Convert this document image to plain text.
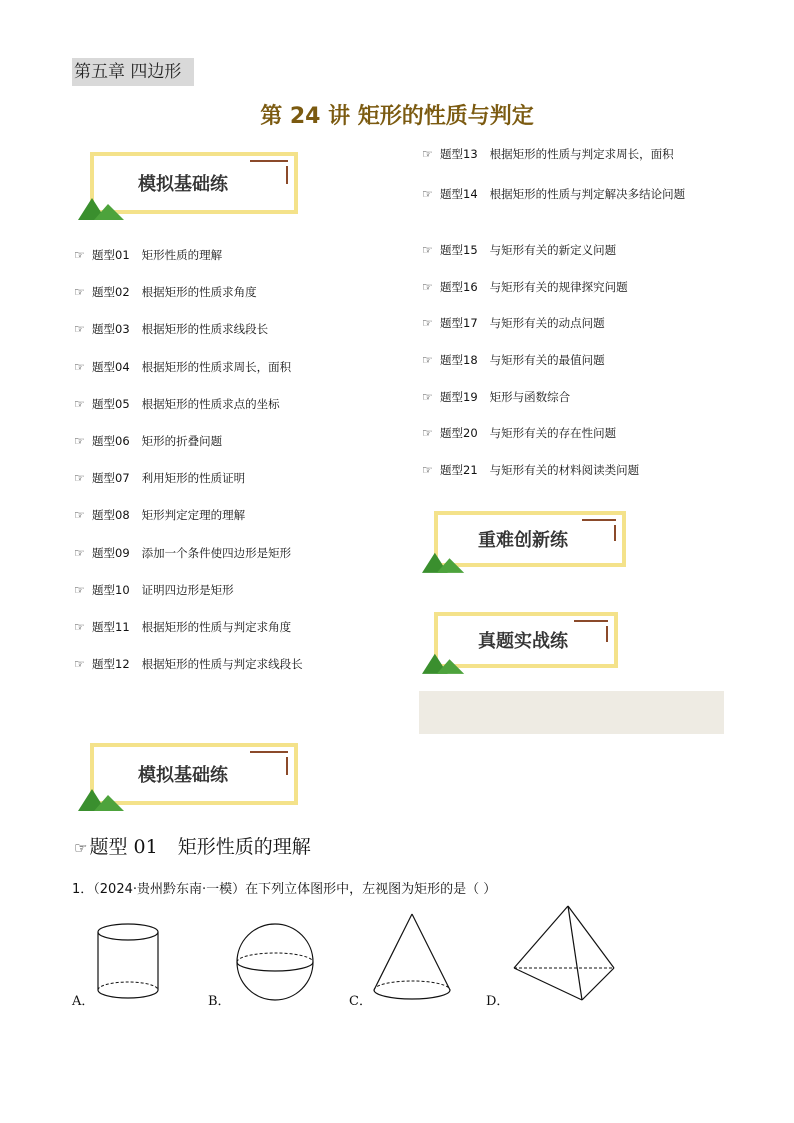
第五章 四边形
第 24 讲 矩形的性质与判定
模拟基础练
☞ 题型01 矩形性质的理解
☞ 题型02 根据矩形的性质求角度
☞ 题型03 根据矩形的性质求线段长
☞ 题型04 根据矩形的性质求周长，面积
☞ 题型05 根据矩形的性质求点的坐标
☞ 题型06 矩形的折叠问题
☞ 题型07 利用矩形的性质证明
☞ 题型08 矩形判定定理的理解
☞ 题型09 添加一个条件使四边形是矩形
☞ 题型10 证明四边形是矩形
☞ 题型11 根据矩形的性质与判定求角度
☞ 题型12 根据矩形的性质与判定求线段长
☞ 题型13 根据矩形的性质与判定求周长，面积
☞ 题型14 根据矩形的性质与判定解决多结论问题
☞ 题型15 与矩形有关的新定义问题
☞ 题型16 与矩形有关的规律探究问题
☞ 题型17 与矩形有关的动点问题
☞ 题型18 与矩形有关的最值问题
☞ 题型19 矩形与函数综合
☞ 题型20 与矩形有关的存在性问题
☞ 题型21 与矩形有关的材料阅读类问题
重难创新练
真题实战练
模拟基础练
☞ 题型 01 矩形性质的理解
1．（2024·贵州黔东南·一模）在下列立体图形中，左视图为矩形的是（ ）
A．	B．	C．	D．
